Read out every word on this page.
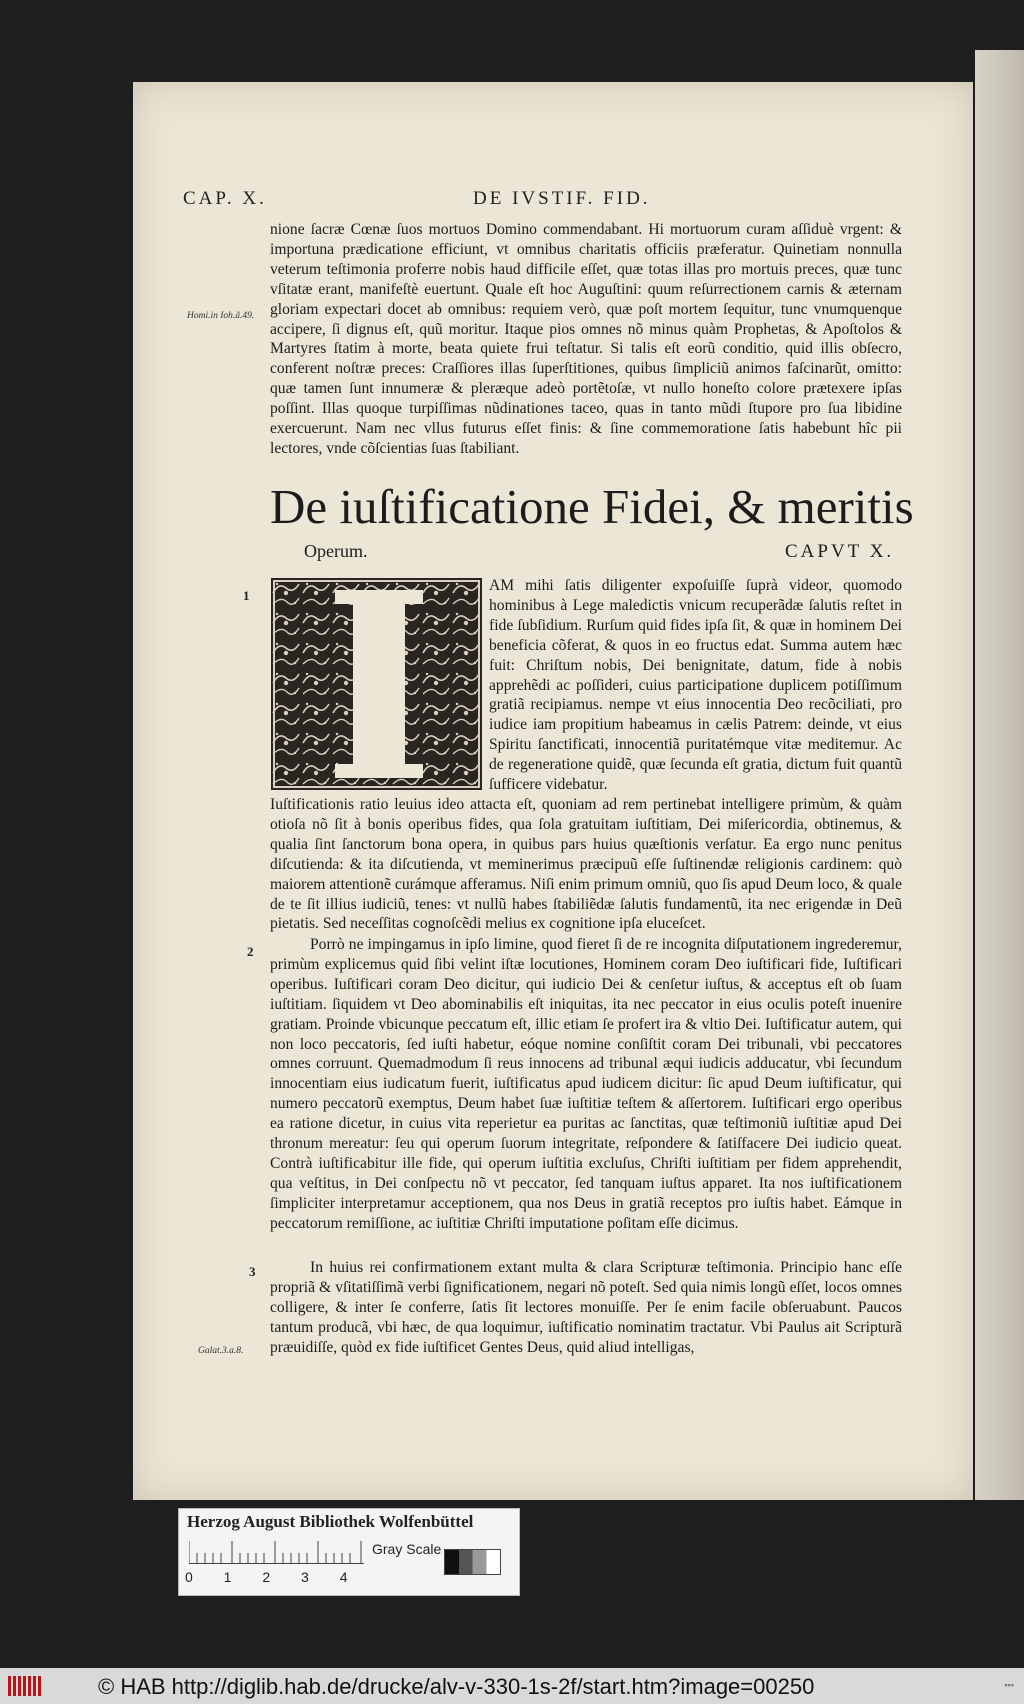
CAP. X.	DE IVSTIF. FID.

nione ſacræ Cœnæ ſuos mortuos Domino commendabant. Hi mortuorum curam aſſiduè vrgent: & importuna prædicatione efficiunt, vt omnibus charitatis officiis præferatur. Quinetiam nonnulla veterum teſtimonia proferre nobis haud difficile eſſet, quæ totas illas pro mortuis preces, quæ tunc vſitatæ erant, manifeſtè euertunt. Quale eſt hoc Auguſtini: quum reſurrectionem carnis & æternam gloriam expectari docet ab omnibus: requiem verò, quæ poſt mortem ſequitur, tunc vnumquenque accipere, ſi dignus eſt, quũ moritur. Itaque pios omnes nõ minus quàm Prophetas, & Apoſtolos & Martyres ſtatim à morte, beata quiete frui teſtatur. Si talis eſt eorũ conditio, quid illis obſecro, conferent noſtræ preces: Craſſiores illas ſuperſtitiones, quibus ſimpliciũ animos faſcinarũt, omitto: quæ tamen ſunt innumeræ & pleræque adeò portẽtoſæ, vt nullo honeſto colore prætexere ipſas poſſint. Illas quoque turpiſſimas nũdinationes taceo, quas in tanto mũdi ſtupore pro ſua libidine exercuerunt. Nam nec vllus futurus eſſet finis: & ſine commemoratione ſatis habebunt hîc pii lectores, vnde cõſcientias ſuas ſtabiliant.

Homi.in Ioh.ã.49.
De iuſtificatione Fidei, & meritis
Operum.	CAPVT X.
1

AM mihi ſatis diligenter expoſuiſſe ſuprà videor, quomodo hominibus à Lege maledictis vnicum recuperãdæ ſalutis reſtet in fide ſubſidium. Rurſum quid fides ipſa ſit, & quæ in hominem Dei beneficia cõferat, & quos in eo fructus edat. Summa autem hæc fuit: Chriſtum nobis, Dei benignitate, datum, fide à nobis apprehẽdi ac poſſideri, cuius participatione duplicem potiſſimum gratiã recipiamus. nempe vt eius innocentia Deo recõciliati, pro iudice iam propitium habeamus in cælis Patrem: deinde, vt eius Spiritu ſanctificati, innocentiã puritatémque vitæ meditemur. Ac de regeneratione quidẽ, quæ ſecunda eſt gratia, dictum fuit quantũ ſufficere videbatur.

Iuſtificationis ratio leuius ideo attacta eſt, quoniam ad rem pertinebat intelligere primùm, & quàm otioſa nõ ſit à bonis operibus fides, qua ſola gratuitam iuſtitiam, Dei miſericordia, obtinemus, & qualia ſint ſanctorum bona opera, in quibus pars huius quæſtionis verſatur. Ea ergo nunc penitus diſcutienda: & ita diſcutienda, vt meminerimus præcipuũ eſſe ſuſtinendæ religionis cardinem: quò maiorem attentionẽ curámque afferamus. Niſi enim primum omniũ, quo ſis apud Deum loco, & quale de te ſit illius iudiciũ, tenes: vt nullũ habes ſtabiliẽdæ ſalutis fundamentũ, ita nec erigendæ in Deũ pietatis. Sed neceſſitas cognoſcẽdi melius ex cognitione ipſa eluceſcet.

2	Porrò ne impingamus in ipſo limine, quod fieret ſi de re incognita diſputationem ingrederemur, primùm explicemus quid ſibi velint iſtæ locutiones, Hominem coram Deo iuſtificari fide, Iuſtificari operibus. Iuſtificari coram Deo dicitur, qui iudicio Dei & cenſetur iuſtus, & acceptus eſt ob ſuam iuſtitiam. ſiquidem vt Deo abominabilis eſt iniquitas, ita nec peccator in eius oculis poteſt inuenire gratiam. Proinde vbicunque peccatum eſt, illic etiam ſe profert ira & vltio Dei. Iuſtificatur autem, qui non loco peccatoris, ſed iuſti habetur, eóque nomine conſiſtit coram Dei tribunali, vbi peccatores omnes corruunt. Quemadmodum ſi reus innocens ad tribunal æqui iudicis adducatur, vbi ſecundum innocentiam eius iudicatum fuerit, iuſtificatus apud iudicem dicitur: ſic apud Deum iuſtificatur, qui numero peccatorũ exemptus, Deum habet ſuæ iuſtitiæ teſtem & aſſertorem. Iuſtificari ergo operibus ea ratione dicetur, in cuius vita reperietur ea puritas ac ſanctitas, quæ teſtimoniũ iuſtitiæ apud Dei thronum mereatur: ſeu qui operum ſuorum integritate, reſpondere & ſatiſfacere Dei iudicio queat. Contrà iuſtificabitur ille fide, qui operum iuſtitia excluſus, Chriſti iuſtitiam per fidem apprehendit, qua veſtitus, in Dei conſpectu nõ vt peccator, ſed tanquam iuſtus apparet. Ita nos iuſtificationem ſimpliciter interpretamur acceptionem, qua nos Deus in gratiã receptos pro iuſtis habet. Eámque in peccatorum remiſſione, ac iuſtitiæ Chriſti imputatione poſitam eſſe dicimus.

3	In huius rei confirmationem extant multa & clara Scripturæ teſtimonia. Principio hanc eſſe propriã & vſitatiſſimã verbi ſignificationem, negari nõ poteſt. Sed quia nimis longũ eſſet, locos omnes colligere, & inter ſe conferre, ſatis ſit lectores monuiſſe. Per ſe enim facile obſeruabunt. Paucos tantum producã, vbi hæc, de qua loquimur, iuſtificatio nominatim tractatur. Vbi Paulus ait Scripturã præuidiſſe, quòd ex fide iuſtificet Gentes Deus, quid aliud intelligas,

Galat.3.a.8.
Herzog August Bibliothek Wolfenbüttel
0 1 2 3 4
Gray Scale
© HAB http://diglib.hab.de/drucke/alv-v-330-1s-2f/start.htm?image=00250	▪▪▪
